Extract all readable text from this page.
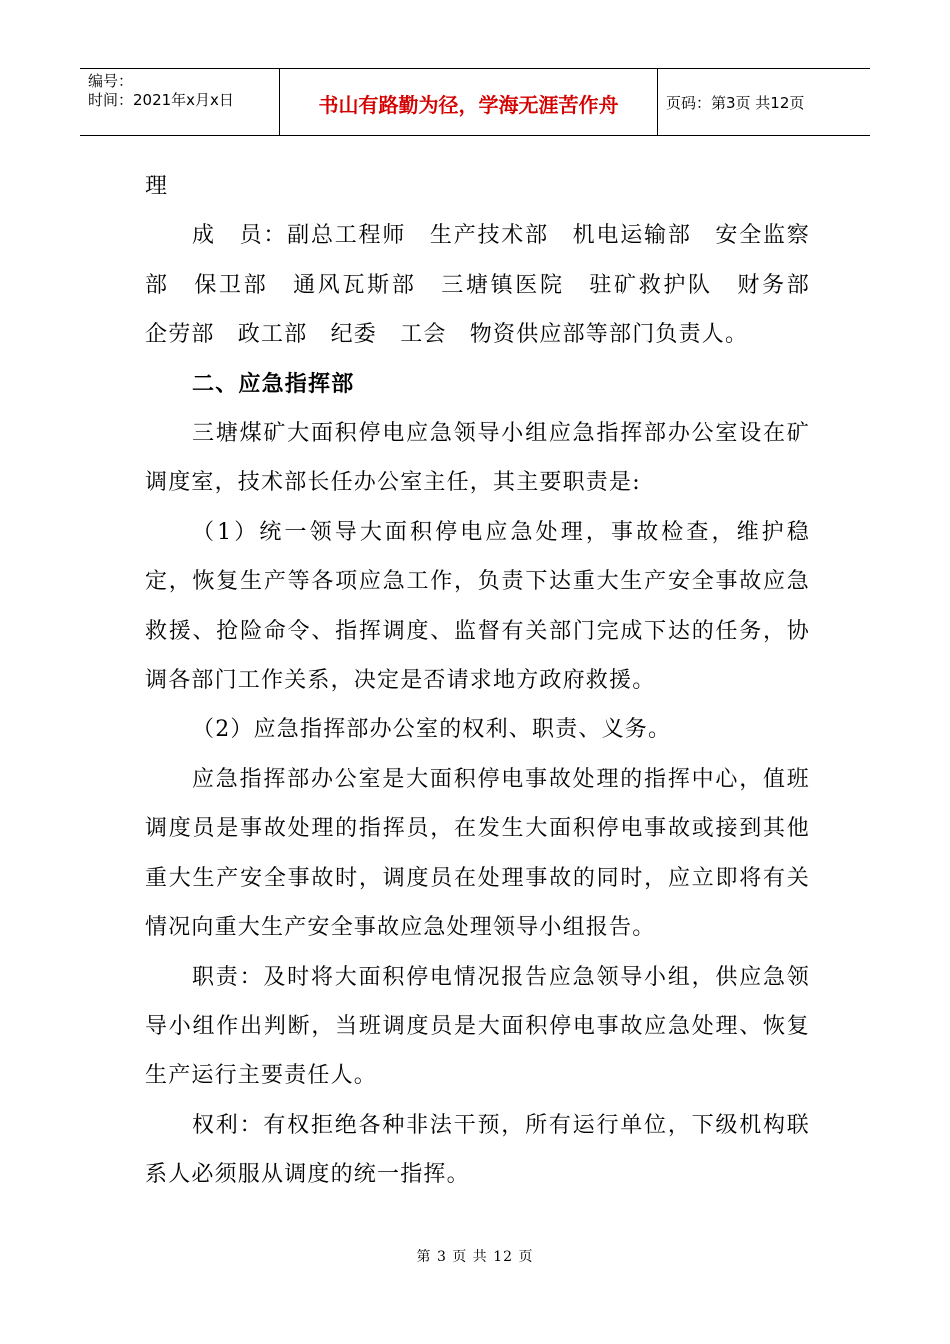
编号：
时间：2021年x月x日	书山有路勤为径，学海无涯苦作舟	页码：第3页 共12页

理

成　员：副总工程师　生产技术部　机电运输部　安全监察部　保卫部　通风瓦斯部　三塘镇医院　驻矿救护队　财务部　企劳部　政工部　纪委　工会　物资供应部等部门负责人。

二、应急指挥部

三塘煤矿大面积停电应急领导小组应急指挥部办公室设在矿调度室，技术部长任办公室主任，其主要职责是:

（1）统一领导大面积停电应急处理，事故检查，维护稳定，恢复生产等各项应急工作，负责下达重大生产安全事故应急救援、抢险命令、指挥调度、监督有关部门完成下达的任务，协调各部门工作关系，决定是否请求地方政府救援。

（2）应急指挥部办公室的权利、职责、义务。

应急指挥部办公室是大面积停电事故处理的指挥中心，值班调度员是事故处理的指挥员，在发生大面积停电事故或接到其他重大生产安全事故时，调度员在处理事故的同时，应立即将有关情况向重大生产安全事故应急处理领导小组报告。

职责：及时将大面积停电情况报告应急领导小组，供应急领导小组作出判断，当班调度员是大面积停电事故应急处理、恢复生产运行主要责任人。

权利：有权拒绝各种非法干预，所有运行单位，下级机构联系人必须服从调度的统一指挥。

第 3 页 共 12 页
